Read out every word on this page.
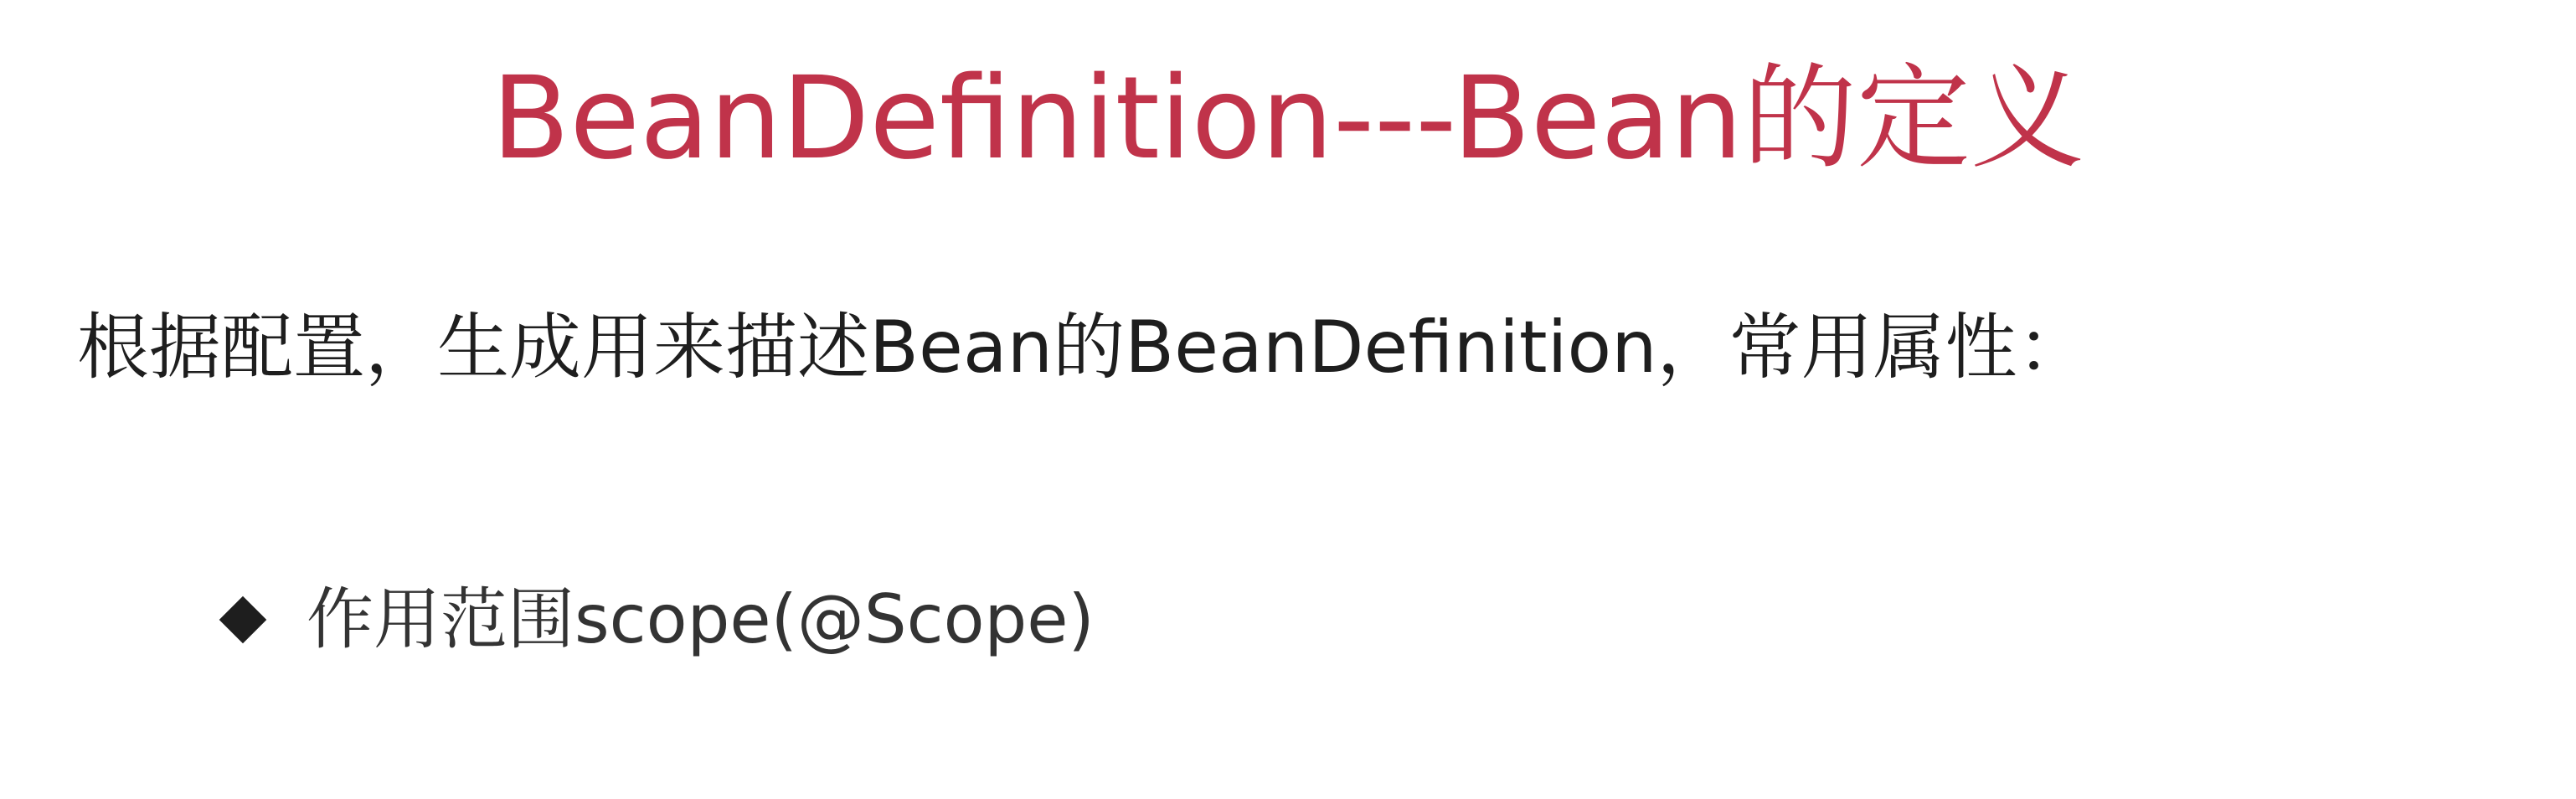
BeanDefinition---Bean的定义

根据配置，生成用来描述Bean的BeanDefinition，常用属性：

作用范围scope(@Scope)
